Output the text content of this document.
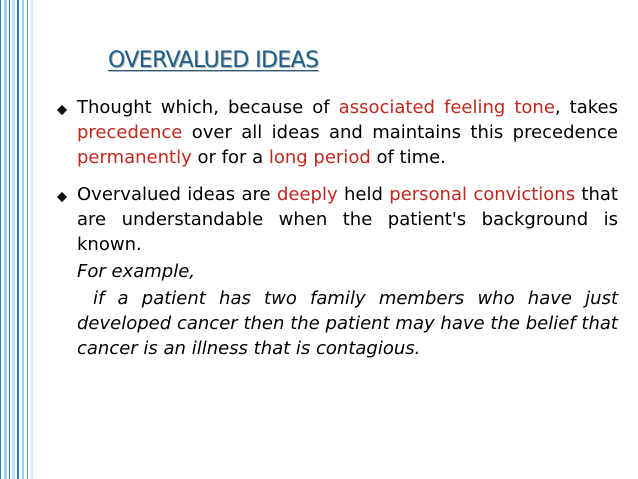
OVERVALUED IDEAS
Thought which, because of associated feeling tone, takes precedence over all ideas and maintains this precedence permanently or for a long period of time.
Overvalued ideas are deeply held personal convictions that are understandable when the patient's background is known.
For example,
if a patient has two family members who have just developed cancer then the patient may have the belief that cancer is an illness that is contagious.
